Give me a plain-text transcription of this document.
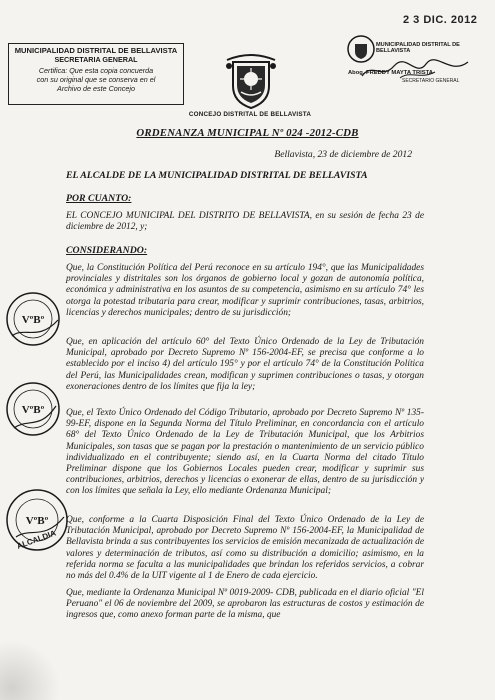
2 3 DIC. 2012
MUNICIPALIDAD DISTRITAL DE BELLAVISTA
SECRETARIA GENERAL
Certifica: Que esta copia concuerda
con su original que se conserva en el
Archivo de este Concejo
CONCEJO DISTRITAL DE BELLAVISTA
MUNICIPALIDAD DISTRITAL DE BELLAVISTA
Abog. FREDDY MAYTA TRISTA
SECRETARIO GENERAL
ORDENANZA MUNICIPAL Nº 024 -2012-CDB
Bellavista, 23 de diciembre de 2012
EL ALCALDE DE LA MUNICIPALIDAD DISTRITAL DE BELLAVISTA
POR CUANTO:
EL CONCEJO MUNICIPAL DEL DISTRITO DE BELLAVISTA, en su sesión de fecha 23 de diciembre de 2012, y;
CONSIDERANDO:
Que, la Constitución Política del Perú reconoce en su artículo 194°, que las Municipalidades provinciales y distritales son los órganos de gobierno local y gozan de autonomía política, económica y administrativa en los asuntos de su competencia, asimismo en su artículo 74° les otorga la potestad tributaria para crear, modificar y suprimir contribuciones, tasas, arbitrios, licencias y derechos municipales; dentro de su jurisdicción;
Que, en aplicación del artículo 60° del Texto Único Ordenado de la Ley de Tributación Municipal, aprobado por Decreto Supremo Nº 156-2004-EF, se precisa que conforme a lo establecido por el inciso 4) del artículo 195° y por el artículo 74° de la Constitución Política del Perú, las Municipalidades crean, modifican y suprimen contribuciones o tasas, y otorgan exoneraciones dentro de los límites que fija la ley;
Que, el Texto Único Ordenado del Código Tributario, aprobado por Decreto Supremo Nº 135-99-EF, dispone en la Segunda Norma del Título Preliminar, en concordancia con el artículo 68° del Texto Único Ordenado de la Ley de Tributación Municipal, que los Arbitrios Municipales, son tasas que se pagan por la prestación o mantenimiento de un servicio público individualizado en el contribuyente; siendo así, en la Cuarta Norma del citado Título Preliminar dispone que los Gobiernos Locales pueden crear, modificar y suprimir sus contribuciones, arbitrios, derechos y licencias o exonerar de ellas, dentro de su jurisdicción y con los límites que señala la Ley, ello mediante Ordenanza Municipal;
Que, conforme a la Cuarta Disposición Final del Texto Único Ordenado de la Ley de Tributación Municipal, aprobado por Decreto Supremo Nº 156-2004-EF, la Municipalidad de Bellavista brinda a sus contribuyentes los servicios de emisión mecanizada de actualización de valores y determinación de tributos, así como su distribución a domicilio; asimismo, en la referida norma se faculta a las municipalidades que brindan los referidos servicios, a cobrar no más del 0.4% de la UIT vigente al 1 de Enero de cada ejercicio.
Que, mediante la Ordenanza Municipal Nº 0019-2009- CDB, publicada en el diario oficial "El Peruano" el 06 de noviembre del 2009, se aprobaron las estructuras de costos y estimación de ingresos que, como anexo forman parte de la misma, que
VºBº
VºBº
VºBº
ALCALDIA
